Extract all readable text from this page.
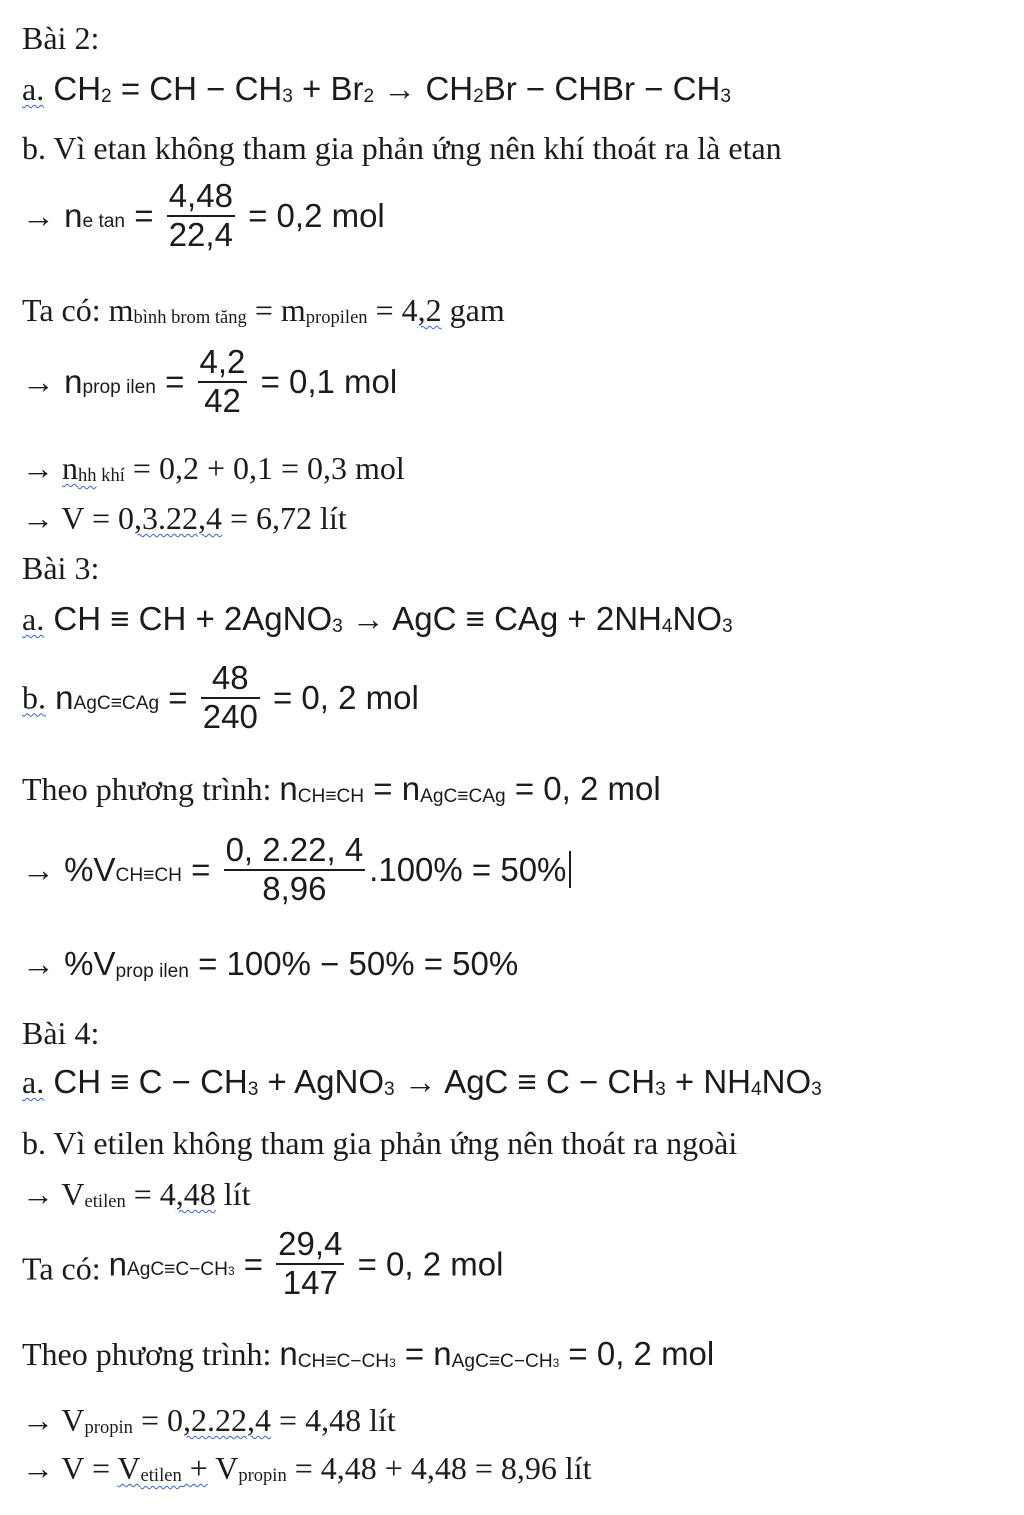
Bài 2:
a. $CH_2$ = CH − $CH_3 + Br_2 \to CH_2Br$ − CHBr − $CH_3$
b. Vì etan không tham gia phản ứng nên khí thoát ra là etan
→ $n_{e tan} = \frac{4,48}{22,4} = 0,2$ mol
Ta có: $m_{bình brom tăng} = m_{propilen} = 4,2$ gam
→ $n_{prop ilen} = \frac{4,2}{42} = 0,1$ mol
→ $n_{hh}$ $_{khí}$ = 0,2 + 0,1 = 0,3 mol
→ V = 0,3.22,4 = 6,72 lít
Bài 3:
a. CH ≡ CH + 2AgNO$_3$ → AgC ≡ CAg + $2NH_4NO_3$
b. $n_{AgC\equiv CAg} = \frac{48}{240} = 0$, 2 mol
Theo phương trình: $n_{CH\equiv CH} = n_{AgC\equiv CAg} = 0$, 2 mol
→ $\%V_{CH\equiv CH} = \frac{0, 2.22, 4}{8,96} .100\% = 50\%$
→ $\%V_{prop ilen} = 100\% - 50\% = 50\%$
Bài 4:
a. CH ≡ $C - CH_3$ + AgNO$_3$ → AgC ≡ $C - CH_3 + NH_4NO_3$
b. Vì etilen không tham gia phản ứng nên thoát ra ngoài
→ $V_{etilen} = 4,48$ lít
Ta có: $n_{AgC\equiv C-CH3} = \frac{29,4}{147} = 0$, 2 mol
Theo phương trình: $n_{CH\equiv C-CH3} = n_{AgC\equiv C-CH3} = 0$, 2 mol
→ $V_{propin} = 0,2.22,4 = 4,48$ lít
→ $V = V_{etilen} + V_{propin} = 4,48 + 4,48 = 8,96$ lít
